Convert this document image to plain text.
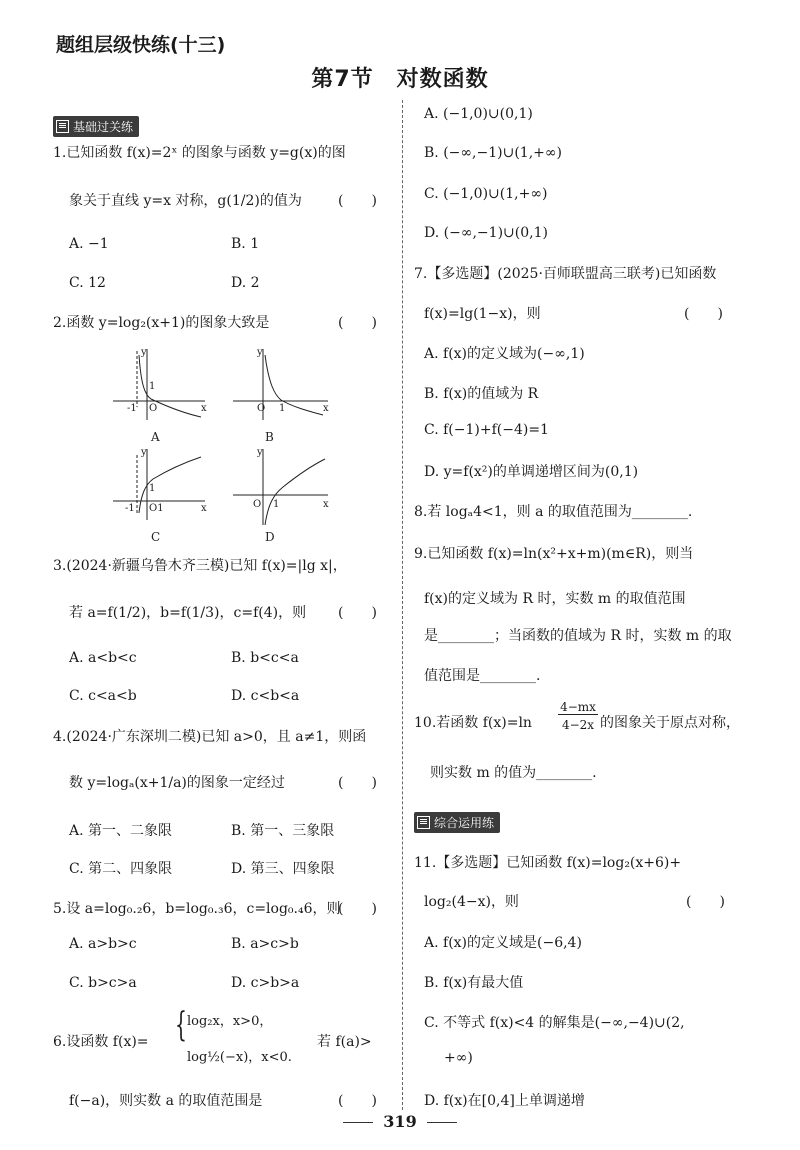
题组层级快练(十三)
第7节　对数函数
基础过关练
1.已知函数 f(x)=2ˣ 的图象与函数 y=g(x)的图
象关于直线 y=x 对称，g(1/2)的值为	(　　)
A. −1	B. 1
C. 12	D. 2
2.函数 y=log₂(x+1)的图象大致是	(　　)
y
1
-1 O	x
y
O 1	x
y
1
-1 O1	x
y
O 1	x
A	B
C	D
3.(2024·新疆乌鲁木齐三模)已知 f(x)=|lg x|，
若 a=f(1/2)，b=f(1/3)，c=f(4)，则 (　　)
A. a<b<c	B. b<c<a
C. c<a<b	D. c<b<a
4.(2024·广东深圳二模)已知 a>0，且 a≠1，则函
数 y=logₐ(x+1/a)的图象一定经过	(　　)
A. 第一、二象限	B. 第一、三象限
C. 第二、四象限	D. 第三、四象限
5.设 a=log₀.₂6，b=log₀.₃6，c=log₀.₄6，则
(　　)
A. a>b>c	B. a>c>b
C. b>c>a	D. c>b>a
6.设函数 f(x)= { log₂x，x>0，
log½(−x)，x<0.
若 f(a)>
f(−a)，则实数 a 的取值范围是	(　　)
A. (−1,0)∪(0,1)
B. (−∞,−1)∪(1,+∞)
C. (−1,0)∪(1,+∞)
D. (−∞,−1)∪(0,1)
7.【多选题】(2025·百师联盟高三联考)已知函数
f(x)=lg(1−x)，则	(　　)
A. f(x)的定义域为(−∞,1)
B. f(x)的值域为 R
C. f(−1)+f(−4)=1
D. y=f(x²)的单调递增区间为(0,1)
8.若 logₐ4<1，则 a 的取值范围为________.
9.已知函数 f(x)=ln(x²+x+m)(m∈R)，则当
f(x)的定义域为 R 时，实数 m 的取值范围
是________；当函数的值域为 R 时，实数 m 的取
值范围是________.
10.若函数 f(x)=ln
4−mx
4−2x 的图象关于原点对称，
则实数 m 的值为________.
综合运用练
11.【多选题】已知函数 f(x)=log₂(x+6)+
log₂(4−x)，则	(　　)
A. f(x)的定义域是(−6,4)
B. f(x)有最大值
C. 不等式 f(x)<4 的解集是(−∞,−4)∪(2,
+∞)
D. f(x)在[0,4]上单调递增
319
